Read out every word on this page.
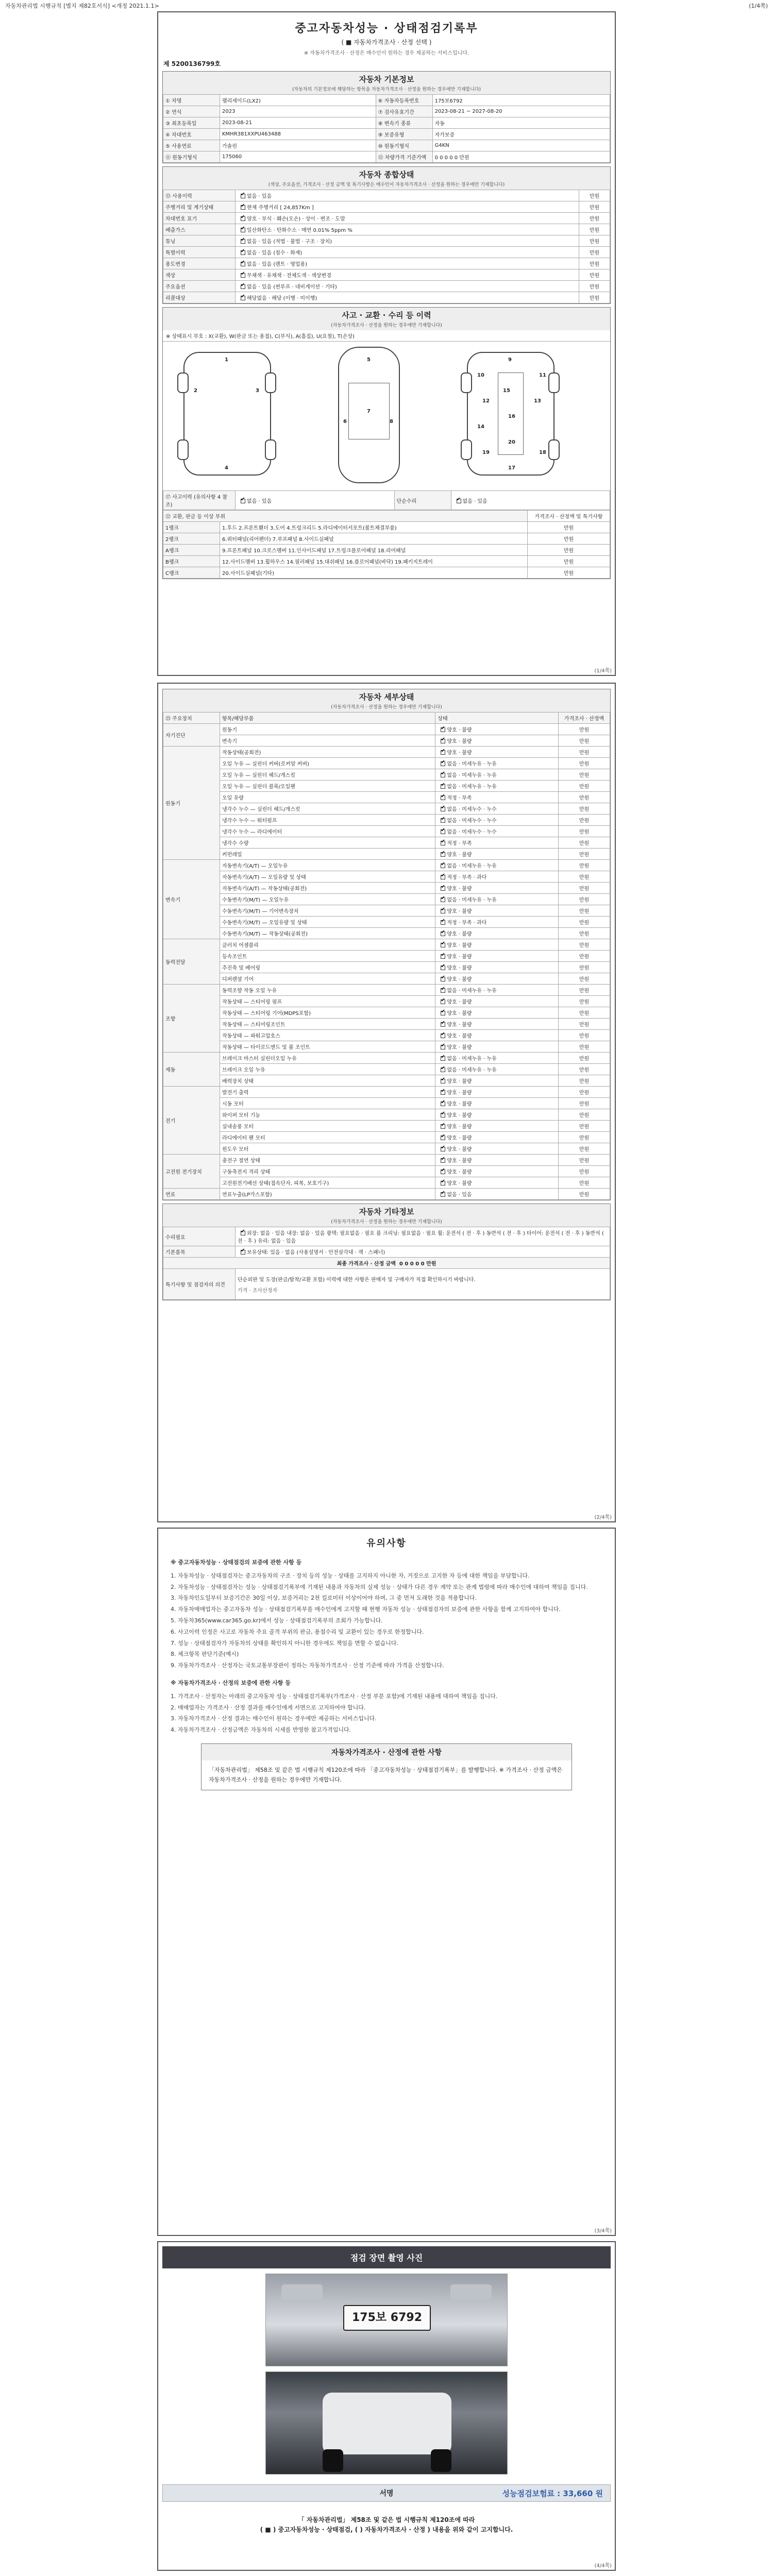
자동차관리법 시행규칙 [별지 제82호서식] <개정 2021.1.1>	(1/4쪽)
중고자동차성능 · 상태점검기록부
( ■ 자동차가격조사 · 산정 선택 )
※ 자동차가격조사 · 산정은 매수인이 원하는 경우 제공하는 서비스입니다.
제 5200136799호
자동차 기본정보
(자동차의 기본정보에 해당하는 항목을 자동차가격조사 · 산정을 원하는 경우에만 기재합니다)
① 차명	팰리세이드(LX2)	⑥ 자동차등록번호	175보6792
② 연식	2023	⑦ 검사유효기간	2023-08-21 ~ 2027-08-20
③ 최초등록일	2023-08-21	⑧ 변속기 종류	자동
④ 차대번호	KMHR381XXPU463488	⑨ 보증유형	자가보증
⑤ 사용연료	가솔린	⑩ 원동기형식	G4KN
⑪ 원동기형식	175060	⑫ 차량가격 기준가액	0 0 0 0 0 만원
자동차 종합상태
(색상, 주요옵션, 가격조사 · 산정 금액 및 특기사항은 매수인이 자동차가격조사 · 산정을 원하는 경우에만 기재합니다)
⑬ 사용이력	✔없음 · 있음	만원
주행거리 및 계기상태	✔현재 주행거리 [ 24,857Km ]	만원
차대번호 표기	✔양호 · 부식 · 훼손(오손) · 상이 · 변조 · 도말	만원
배출가스	✔일산화탄소 · 탄화수소 · 매연 0.01% 5ppm %	만원
튜닝	✔없음 · 있음 (적법 · 불법 · 구조 · 장치)	만원
특별이력	✔없음 · 있음 (침수 · 화재)	만원
용도변경	✔없음 · 있음 (렌트 · 영업용)	만원
색상	✔무채색 · 유채색 · 전체도색 · 색상변경	만원
주요옵션	✔없음 · 있음 (썬루프 · 네비게이션 · 기타)	만원
리콜대상	✔해당없음 · 해당 (이행 · 미이행)	만원
사고 · 교환 · 수리 등 이력
(자동차가격조사 · 산정을 원하는 경우에만 기재합니다)
※ 상태표시 부호 : X(교환), W(판금 또는 용접), C(부식), A(흠집), U(요철), T(손상)
1
2	3
4
5
6
7
8
9
10	11
12	13
14
15
16
17
18
19
20
⑰ 사고이력 (유의사항 4 참조)	✔없음 · 있음	단순수리	✔없음 · 있음
㉒ 교환, 판금 등 이상 부위		가격조사 · 산정액 및 특기사항
1랭크	1.후드 2.프론트휀더 3.도어 4.트렁크리드 5.라디에이터서포트(볼트체결부품)	만원
2랭크	6.쿼터패널(리어펜더) 7.루프패널 8.사이드실패널	만원
A랭크	9.프론트패널 10.크로스멤버 11.인사이드패널 17.트렁크플로어패널 18.리어패널	만원
B랭크	12.사이드멤버 13.휠하우스 14.필러패널 15.대쉬패널 16.플로어패널(바닥) 19.패키지트레이	만원
C랭크	20.사이드실패널(기타)	만원
(1/4쪽)
자동차 세부상태
(자동차가격조사 · 산정을 원하는 경우에만 기재합니다)
㉓ 주요장치	항목/해당부품	상태	가격조사 · 산정액
자기진단	원동기	✔양호 · 불량	만원
	변속기	✔양호 · 불량	만원
원동기	작동상태(공회전)	✔양호 · 불량	만원
	오일 누유 — 실린더 커버(로커암 커버)	✔없음 · 미세누유 · 누유	만원
	오일 누유 — 실린더 헤드/개스킷	✔없음 · 미세누유 · 누유	만원
	오일 누유 — 실린더 블록/오일팬	✔없음 · 미세누유 · 누유	만원
	오일 유량	✔적정 · 부족	만원
	냉각수 누수 — 실린더 헤드/개스킷	✔없음 · 미세누수 · 누수	만원
	냉각수 누수 — 워터펌프	✔없음 · 미세누수 · 누수	만원
	냉각수 누수 — 라디에이터	✔없음 · 미세누수 · 누수	만원
	냉각수 수량	✔적정 · 부족	만원
	커먼레일	✔양호 · 불량	만원
변속기	자동변속기(A/T) — 오일누유	✔없음 · 미세누유 · 누유	만원
	자동변속기(A/T) — 오일유량 및 상태	✔적정 · 부족 · 과다	만원
	자동변속기(A/T) — 작동상태(공회전)	✔양호 · 불량	만원
	수동변속기(M/T) — 오일누유	✔없음 · 미세누유 · 누유	만원
	수동변속기(M/T) — 기어변속장치	✔양호 · 불량	만원
	수동변속기(M/T) — 오일유량 및 상태	✔적정 · 부족 · 과다	만원
	수동변속기(M/T) — 작동상태(공회전)	✔양호 · 불량	만원
동력전달	클러치 어셈블리	✔양호 · 불량	만원
	등속조인트	✔양호 · 불량	만원
	추진축 및 베어링	✔양호 · 불량	만원
	디퍼렌셜 기어	✔양호 · 불량	만원
조향	동력조향 작동 오일 누유	✔없음 · 미세누유 · 누유	만원
	작동상태 — 스티어링 펌프	✔양호 · 불량	만원
	작동상태 — 스티어링 기어(MDPS포함)	✔양호 · 불량	만원
	작동상태 — 스티어링조인트	✔양호 · 불량	만원
	작동상태 — 파워고압호스	✔양호 · 불량	만원
	작동상태 — 타이로드엔드 및 볼 조인트	✔양호 · 불량	만원
제동	브레이크 마스터 실린더오일 누유	✔없음 · 미세누유 · 누유	만원
	브레이크 오일 누유	✔없음 · 미세누유 · 누유	만원
	배력장치 상태	✔양호 · 불량	만원
전기	발전기 출력	✔양호 · 불량	만원
	시동 모터	✔양호 · 불량	만원
	와이퍼 모터 기능	✔양호 · 불량	만원
	실내송풍 모터	✔양호 · 불량	만원
	라디에이터 팬 모터	✔양호 · 불량	만원
	윈도우 모터	✔양호 · 불량	만원
고전원 전기장치	충전구 절연 상태	✔양호 · 불량	만원
	구동축전지 격리 상태	✔양호 · 불량	만원
	고전원전기배선 상태(접속단자, 피복, 보호기구)	✔양호 · 불량	만원
연료	연료누출(LP가스포함)	✔없음 · 있음	만원
자동차 기타정보
(자동차가격조사 · 산정을 원하는 경우에만 기재합니다)
수리필요	✔외장: 없음 · 있음 내장: 없음 · 있음 광택: 필요없음 · 필요 룸 크리닝: 필요없음 · 필요 휠: 운전석 ( 전 · 후 ) 동반석 ( 전 · 후 ) 타이어: 운전석 ( 전 · 후 ) 동반석 ( 전 · 후 ) 유리: 없음 · 있음
기본품목	✔보유상태: 있음 · 없음 (사용설명서 · 안전삼각대 · 잭 · 스패너)
최종 가격조사 · 산정 금액 0 0 0 0 0 만원	
특기사항 및 점검자의 의견	단순외판 및 도장(판금/탈착/교환 포함) 이력에 대한 사항은 판매자 및 구매자가 직접 확인하시기 바랍니다.
가격 · 조사산정자
(2/4쪽)
유의사항
※ 중고자동차성능 · 상태점검의 보증에 관한 사항 등

1. 자동차성능 · 상태점검자는 중고자동차의 구조 · 장치 등의 성능 · 상태를 고지하지 아니한 자, 거짓으로 고지한 자 등에 대한 책임을 부담합니다.

2. 자동차성능 · 상태점검자는 성능 · 상태점검기록부에 기재된 내용과 자동차의 실제 성능 · 상태가 다른 경우 계약 또는 관계 법령에 따라 매수인에 대하여 책임을 집니다.

3. 자동차인도일부터 보증기간은 30일 이상, 보증거리는 2천 킬로미터 이상이어야 하며, 그 중 먼저 도래한 것을 적용합니다.

4. 자동차매매업자는 중고자동차 성능 · 상태점검기록부를 매수인에게 고지할 때 현행 자동차 성능 · 상태점검자의 보증에 관한 사항을 함께 고지하여야 합니다.

5. 자동차365(www.car365.go.kr)에서 성능 · 상태점검기록부의 조회가 가능합니다.

6. 사고이력 인정은 사고로 자동차 주요 골격 부위의 판금, 용접수리 및 교환이 있는 경우로 한정합니다.

7. 성능 · 상태점검자가 자동차의 상태를 확인하지 아니한 경우에도 책임을 면할 수 없습니다.

8. 체크항목 판단기준(예시)

9. 자동차가격조사 · 산정자는 국토교통부장관이 정하는 자동차가격조사 · 산정 기준에 따라 가격을 산정합니다.

※ 자동차가격조사 · 산정의 보증에 관한 사항 등

1. 가격조사 · 산정자는 아래의 중고자동차 성능 · 상태점검기록부(가격조사 · 산정 부분 포함)에 기재된 내용에 대하여 책임을 집니다.

2. 매매업자는 가격조사 · 산정 결과를 매수인에게 서면으로 고지하여야 합니다.

3. 자동차가격조사 · 산정 결과는 매수인이 원하는 경우에만 제공하는 서비스입니다.

4. 자동차가격조사 · 산정금액은 자동차의 시세를 반영한 참고가격입니다.

자동차가격조사 · 산정에 관한 사항
「자동차관리법」 제58조 및 같은 법 시행규칙 제120조에 따라 「중고자동차성능 · 상태점검기록부」를 발행합니다. ※ 가격조사 · 산정 금액은 자동차가격조사 · 산정을 원하는 경우에만 기재합니다.
(3/4쪽)
점검 장면 촬영 사진
175보 6792
서명	성능점검보험료 : 33,660 원
「 자동차관리법」 제58조 및 같은 법 시행규칙 제120조에 따라
( ■ ) 중고자동차성능 · 상태점검, ( ) 자동차가격조사 · 산정 ) 내용을 위와 같이 고지합니다.
(4/4쪽)
